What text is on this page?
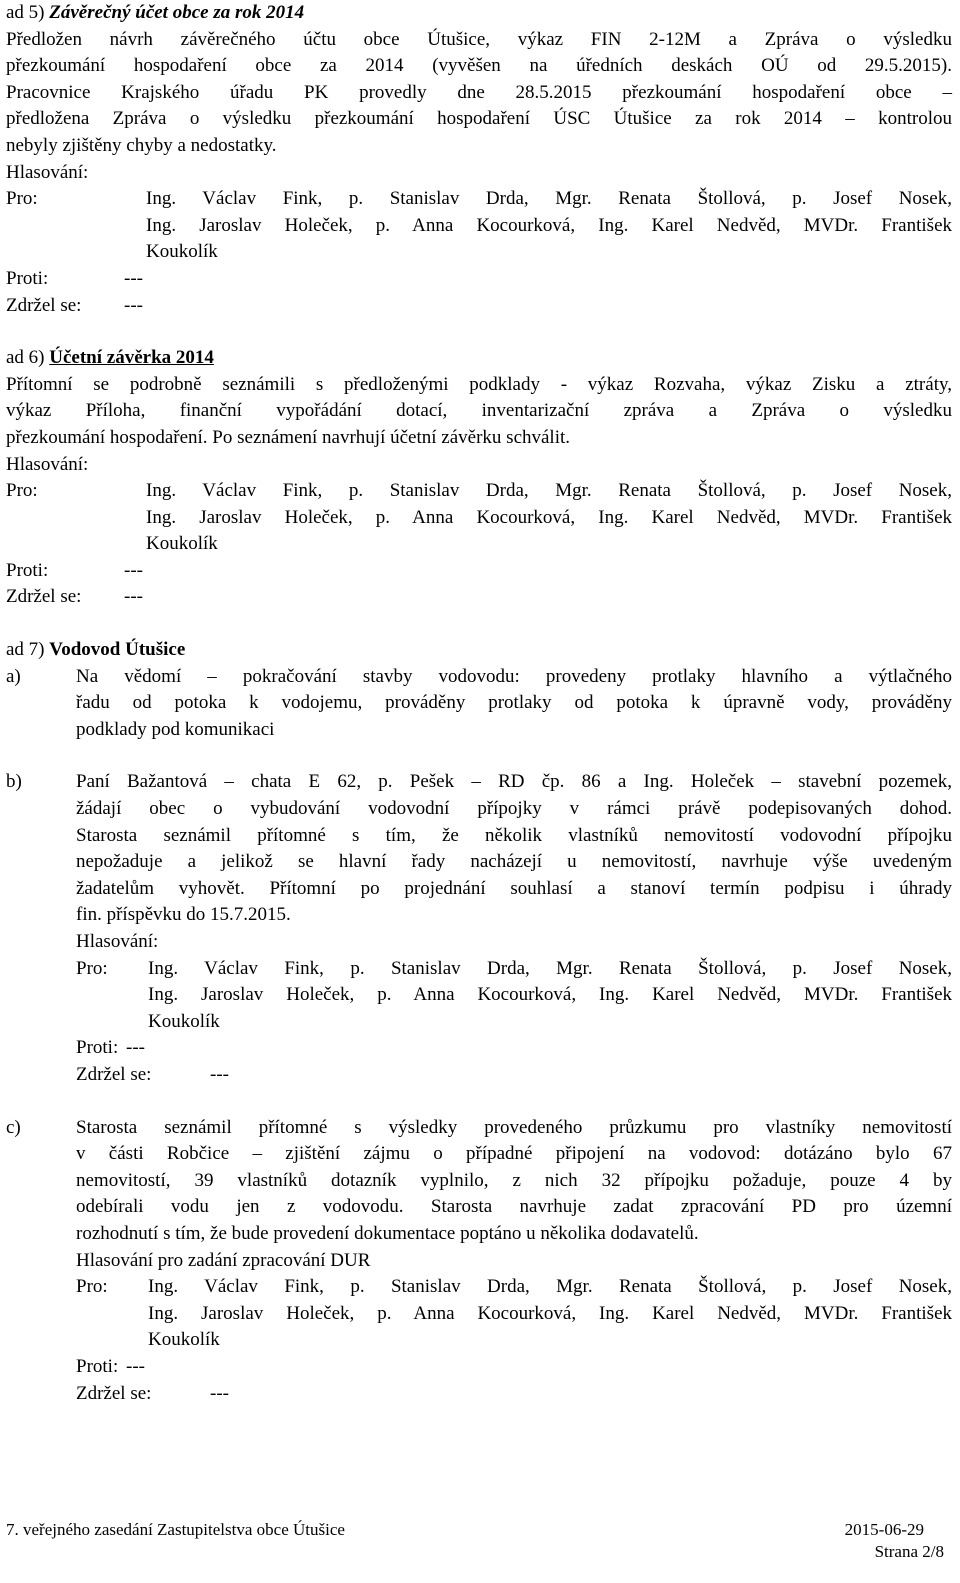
ad 5) Závěrečný účet obce za rok 2014

Předložen návrh závěrečného účtu obce Útušice, výkaz FIN 2-12M a Zpráva o výsledku
přezkoumání hospodaření obce za 2014 (vyvěšen na úředních deskách OÚ od 29.5.2015).
Pracovnice Krajského úřadu PK provedly dne 28.5.2015 přezkoumání hospodaření obce –
předložena Zpráva o výsledku přezkoumání hospodaření ÚSC Útušice za rok 2014 – kontrolou
nebyly zjištěny chyby a nedostatky.
Hlasování:
Pro:	Ing. Václav Fink, p. Stanislav Drda, Mgr. Renata Štollová, p. Josef Nosek,
Ing. Jaroslav Holeček, p. Anna Kocourková, Ing. Karel Nedvěd, MVDr. František
Koukolík
Proti:	---
Zdržel se:	---

ad 6) Účetní závěrka 2014

Přítomní se podrobně seznámili s předloženými podklady - výkaz Rozvaha, výkaz Zisku a ztráty,
výkaz Příloha, finanční vypořádání dotací, inventarizační zpráva a Zpráva o výsledku
přezkoumání hospodaření. Po seznámení navrhují účetní závěrku schválit.
Hlasování:
Pro:	Ing. Václav Fink, p. Stanislav Drda, Mgr. Renata Štollová, p. Josef Nosek,
Ing. Jaroslav Holeček, p. Anna Kocourková, Ing. Karel Nedvěd, MVDr. František
Koukolík
Proti:	---
Zdržel se:	---

ad 7) Vodovod Útušice

a)	Na vědomí – pokračování stavby vodovodu: provedeny protlaky hlavního a výtlačného
řadu od potoka k vodojemu, prováděny protlaky od potoka k úpravně vody, prováděny
podklady pod komunikaci
b)	Paní Bažantová – chata E 62, p. Pešek – RD čp. 86 a Ing. Holeček – stavební pozemek,
žádají obec o vybudování vodovodní přípojky v rámci právě podepisovaných dohod.
Starosta seznámil přítomné s tím, že několik vlastníků nemovitostí vodovodní přípojku
nepožaduje a jelikož se hlavní řady nacházejí u nemovitostí, navrhuje výše uvedeným
žadatelům vyhovět. Přítomní po projednání souhlasí a stanoví termín podpisu i úhrady
fin. příspěvku do 15.7.2015.
Hlasování:
Pro:	Ing. Václav Fink, p. Stanislav Drda, Mgr. Renata Štollová, p. Josef Nosek,
Ing. Jaroslav Holeček, p. Anna Kocourková, Ing. Karel Nedvěd, MVDr. František
Koukolík
Proti: ---
Zdržel se:	---
c)	Starosta seznámil přítomné s výsledky provedeného průzkumu pro vlastníky nemovitostí
v části Robčice – zjištění zájmu o případné připojení na vodovod: dotázáno bylo 67
nemovitostí, 39 vlastníků dotazník vyplnilo, z nich 32 přípojku požaduje, pouze 4 by
odebírali vodu jen z vodovodu. Starosta navrhuje zadat zpracování PD pro územní
rozhodnutí s tím, že bude provedení dokumentace poptáno u několika dodavatelů.
Hlasování pro zadání zpracování DUR
Pro:	Ing. Václav Fink, p. Stanislav Drda, Mgr. Renata Štollová, p. Josef Nosek,
Ing. Jaroslav Holeček, p. Anna Kocourková, Ing. Karel Nedvěd, MVDr. František
Koukolík
Proti: ---
Zdržel se:	---
7. veřejného zasedání Zastupitelstva obce Útušice	2015-06-29
Strana 2/8
